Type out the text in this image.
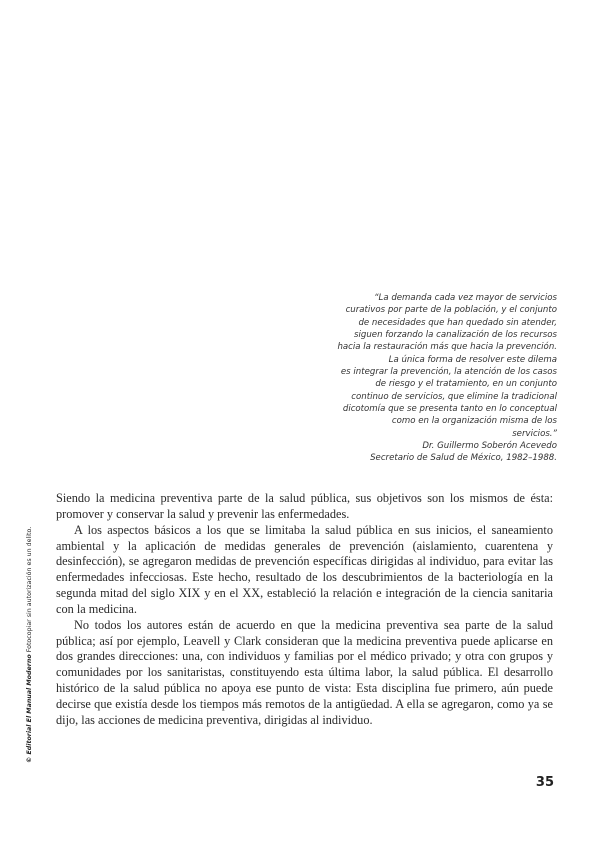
“La demanda cada vez mayor de servicios
curativos por parte de la población, y el conjunto
de necesidades que han quedado sin atender,
siguen forzando la canalización de los recursos
hacia la restauración más que hacia la prevención.
La única forma de resolver este dilema
es integrar la prevención, la atención de los casos
de riesgo y el tratamiento, en un conjunto
continuo de servicios, que elimine la tradicional
dicotomía que se presenta tanto en lo conceptual
como en la organización misma de los
servicios.”
Dr. Guillermo Soberón Acevedo
Secretario de Salud de México, 1982–1988.

Siendo la medicina preventiva parte de la salud pública, sus objetivos son los mismos de ésta: promover y conservar la salud y prevenir las enfermedades.

A los aspectos básicos a los que se limitaba la salud pública en sus inicios, el saneamiento ambiental y la aplicación de medidas generales de prevención (aislamiento, cuarentena y desinfección), se agregaron medidas de prevención específicas dirigidas al individuo, para evitar las enfermedades infecciosas. Este hecho, resultado de los descubrimientos de la bacteriología en la segunda mitad del siglo XIX y en el XX, estableció la relación e integración de la ciencia sanitaria con la medicina.

No todos los autores están de acuerdo en que la medicina preventiva sea parte de la salud pública; así por ejemplo, Leavell y Clark consideran que la medicina preventiva puede aplicarse en dos grandes direcciones: una, con individuos y familias por el médico privado; y otra con grupos y comunidades por los sanitaristas, constituyendo esta última labor, la salud pública. El desarrollo histórico de la salud pública no apoya ese punto de vista: Esta disciplina fue primero, aún puede decirse que existía desde los tiempos más remotos de la antigüedad. A ella se agregaron, como ya se dijo, las acciones de medicina preventiva, dirigidas al individuo.

© Editorial El Manual Moderno Fotocopiar sin autorización es un delito.
35
